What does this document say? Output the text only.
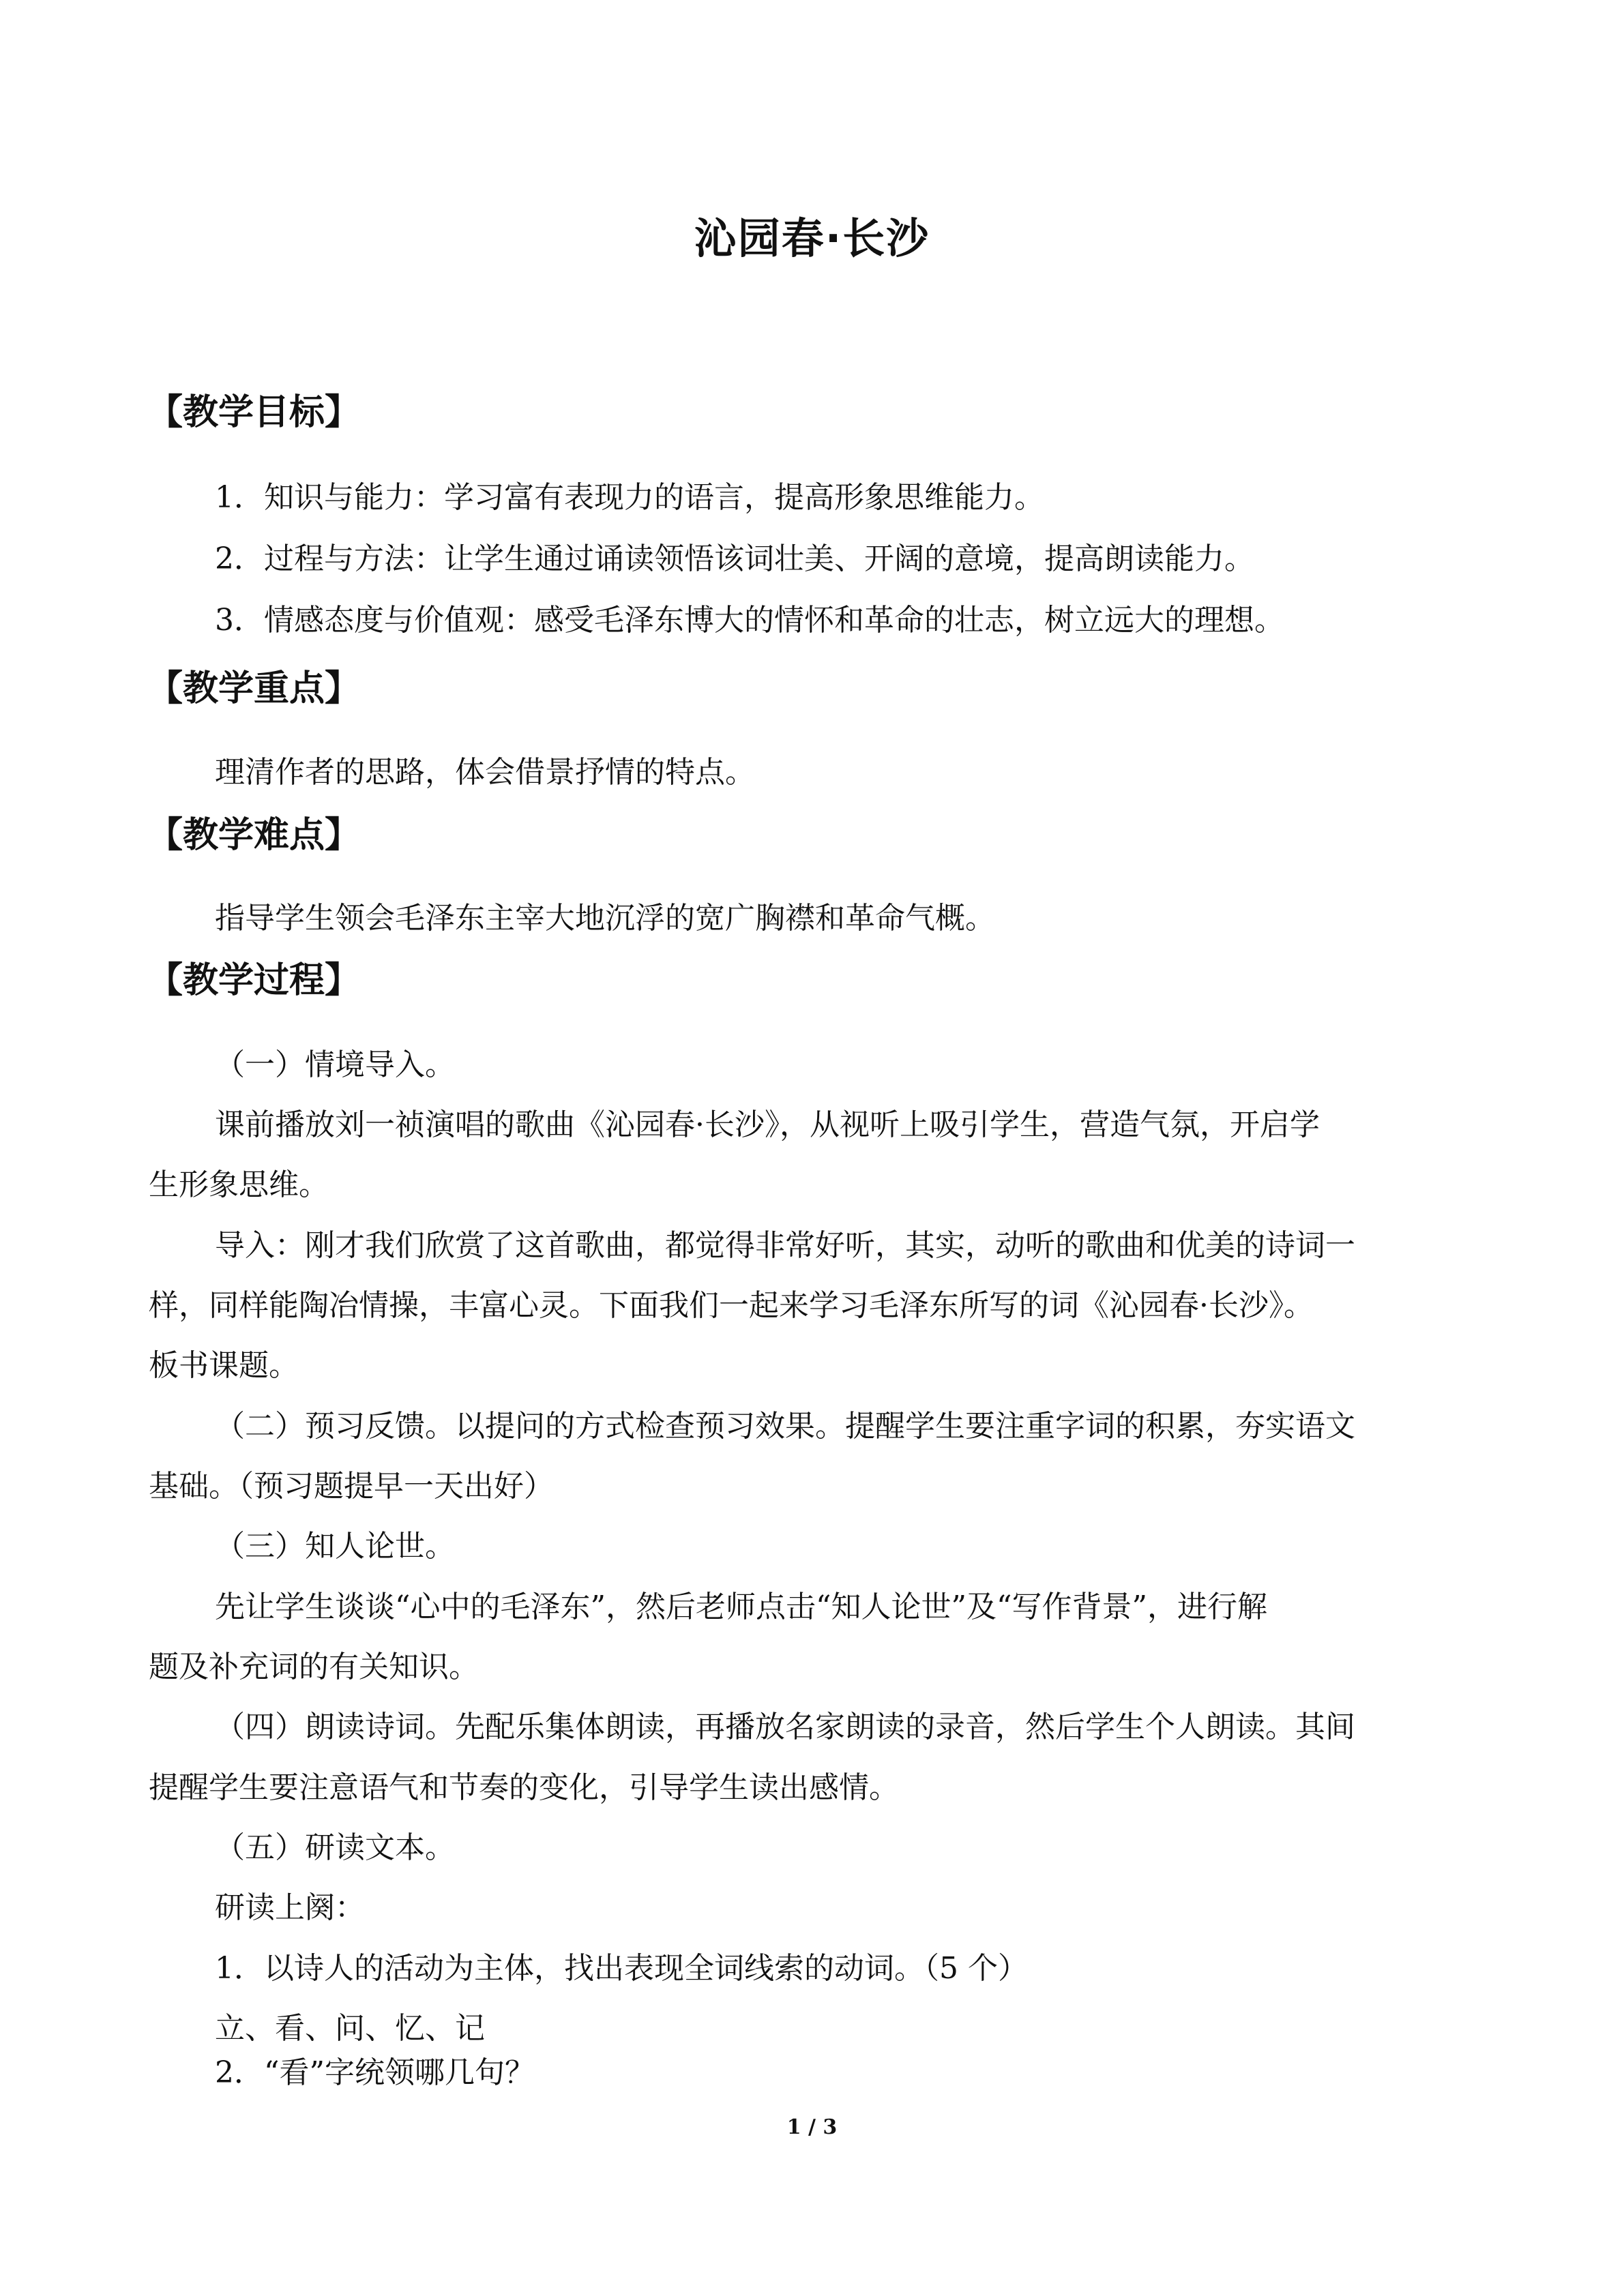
沁园春·长沙
【教学目标】
1．知识与能力：学习富有表现力的语言，提高形象思维能力。
2．过程与方法：让学生通过诵读领悟该词壮美、开阔的意境，提高朗读能力。
3．情感态度与价值观：感受毛泽东博大的情怀和革命的壮志，树立远大的理想。
【教学重点】
理清作者的思路，体会借景抒情的特点。
【教学难点】
指导学生领会毛泽东主宰大地沉浮的宽广胸襟和革命气概。
【教学过程】
（一）情境导入。
课前播放刘一祯演唱的歌曲《沁园春·长沙》，从视听上吸引学生，营造气氛，开启学
生形象思维。
导入：刚才我们欣赏了这首歌曲，都觉得非常好听，其实，动听的歌曲和优美的诗词一
样，同样能陶冶情操，丰富心灵。下面我们一起来学习毛泽东所写的词《沁园春·长沙》。
板书课题。
（二）预习反馈。以提问的方式检查预习效果。提醒学生要注重字词的积累，夯实语文
基础。（预习题提早一天出好）
（三）知人论世。
先让学生谈谈“心中的毛泽东”，然后老师点击“知人论世”及“写作背景”，进行解
题及补充词的有关知识。
（四）朗读诗词。先配乐集体朗读，再播放名家朗读的录音，然后学生个人朗读。其间
提醒学生要注意语气和节奏的变化，引导学生读出感情。
（五）研读文本。
研读上阕：
1．以诗人的活动为主体，找出表现全词线索的动词。（5 个）
立、看、问、忆、记
2．“看”字统领哪几句？
1 / 3
